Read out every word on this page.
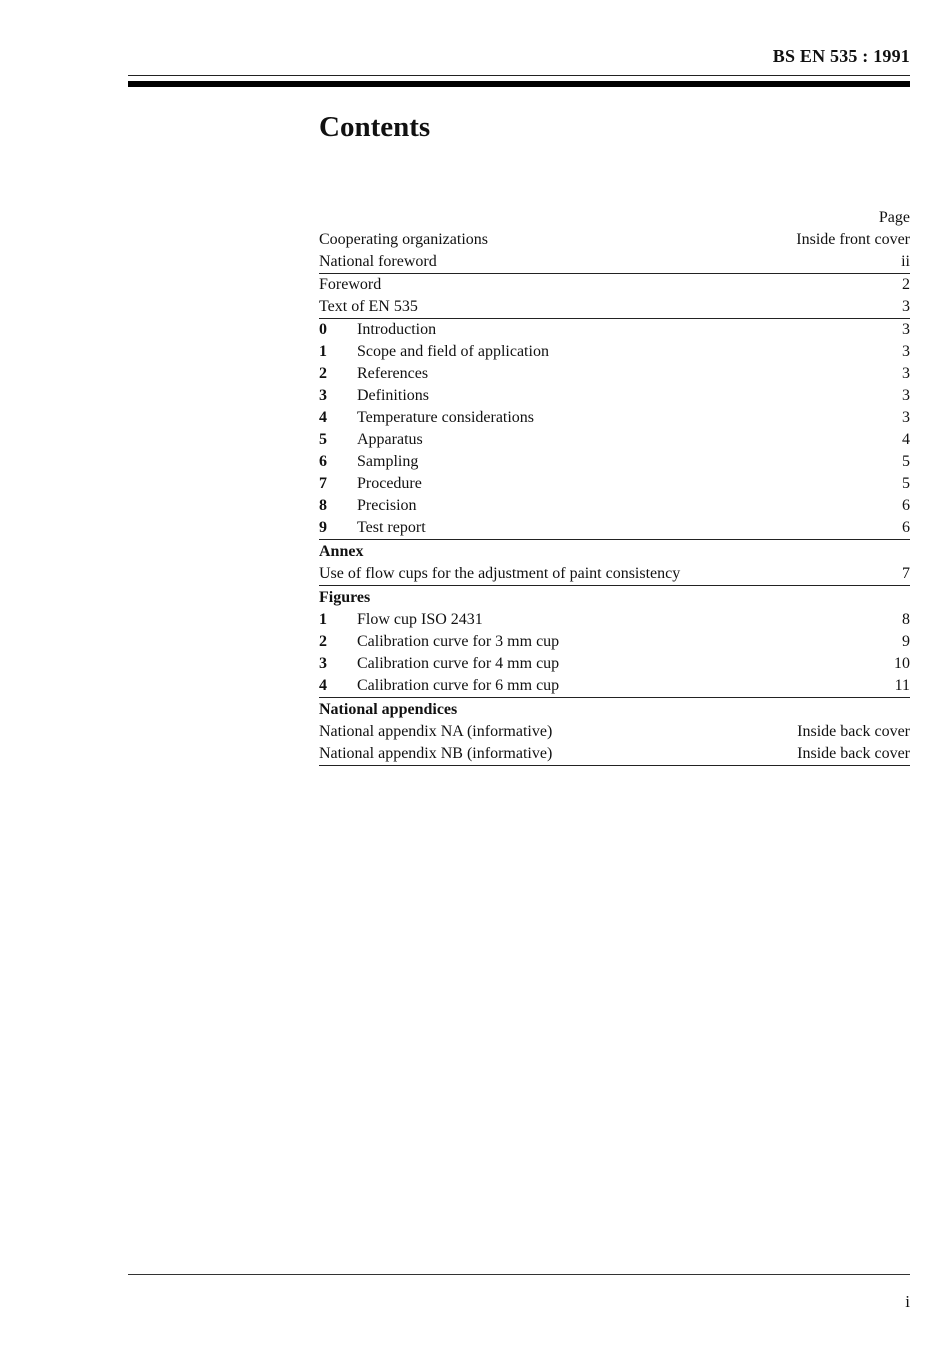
BS EN 535 : 1991
Contents
Page
Cooperating organizations	Inside front cover
National foreword	ii
Foreword	2
Text of EN 535	3
0	Introduction	3
1	Scope and field of application	3
2	References	3
3	Definitions	3
4	Temperature considerations	3
5	Apparatus	4
6	Sampling	5
7	Procedure	5
8	Precision	6
9	Test report	6
Annex
Use of flow cups for the adjustment of paint consistency	7
Figures
1	Flow cup ISO 2431	8
2	Calibration curve for 3 mm cup	9
3	Calibration curve for 4 mm cup	10
4	Calibration curve for 6 mm cup	11
National appendices
National appendix NA (informative)	Inside back cover
National appendix NB (informative)	Inside back cover
i
